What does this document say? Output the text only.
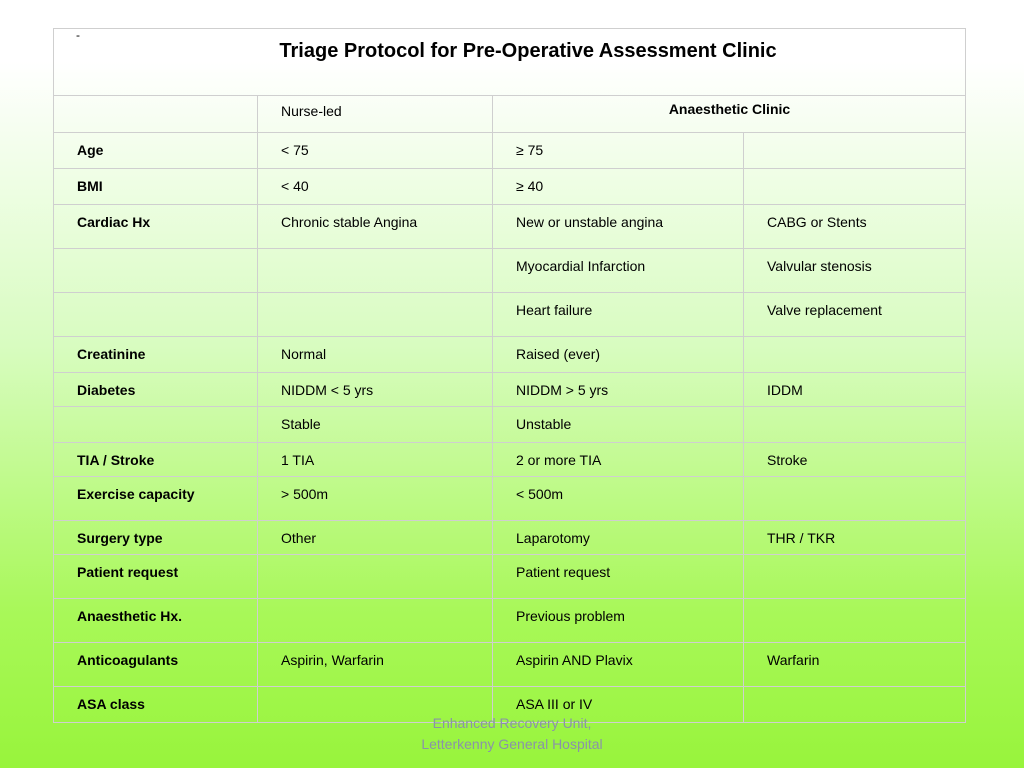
-
Triage Protocol for Pre-Operative Assessment Clinic			
	Nurse-led	Anaesthetic Clinic	
Age	< 75	≥ 75	
BMI	< 40	≥ 40	
Cardiac Hx	Chronic stable Angina	New or unstable angina	CABG or Stents
		Myocardial Infarction	Valvular stenosis
		Heart failure	Valve replacement
Creatinine	Normal	Raised (ever)	
Diabetes	NIDDM < 5 yrs	NIDDM > 5 yrs	IDDM
	Stable	Unstable	
TIA / Stroke	1 TIA	2 or more TIA	Stroke
Exercise capacity	> 500m	< 500m	
Surgery type	Other	Laparotomy	THR / TKR
Patient request		Patient request	
Anaesthetic Hx.		Previous problem	
Anticoagulants	Aspirin, Warfarin	Aspirin AND Plavix	Warfarin
ASA class		ASA III or IV	
Enhanced Recovery Unit,
Letterkenny General Hospital
